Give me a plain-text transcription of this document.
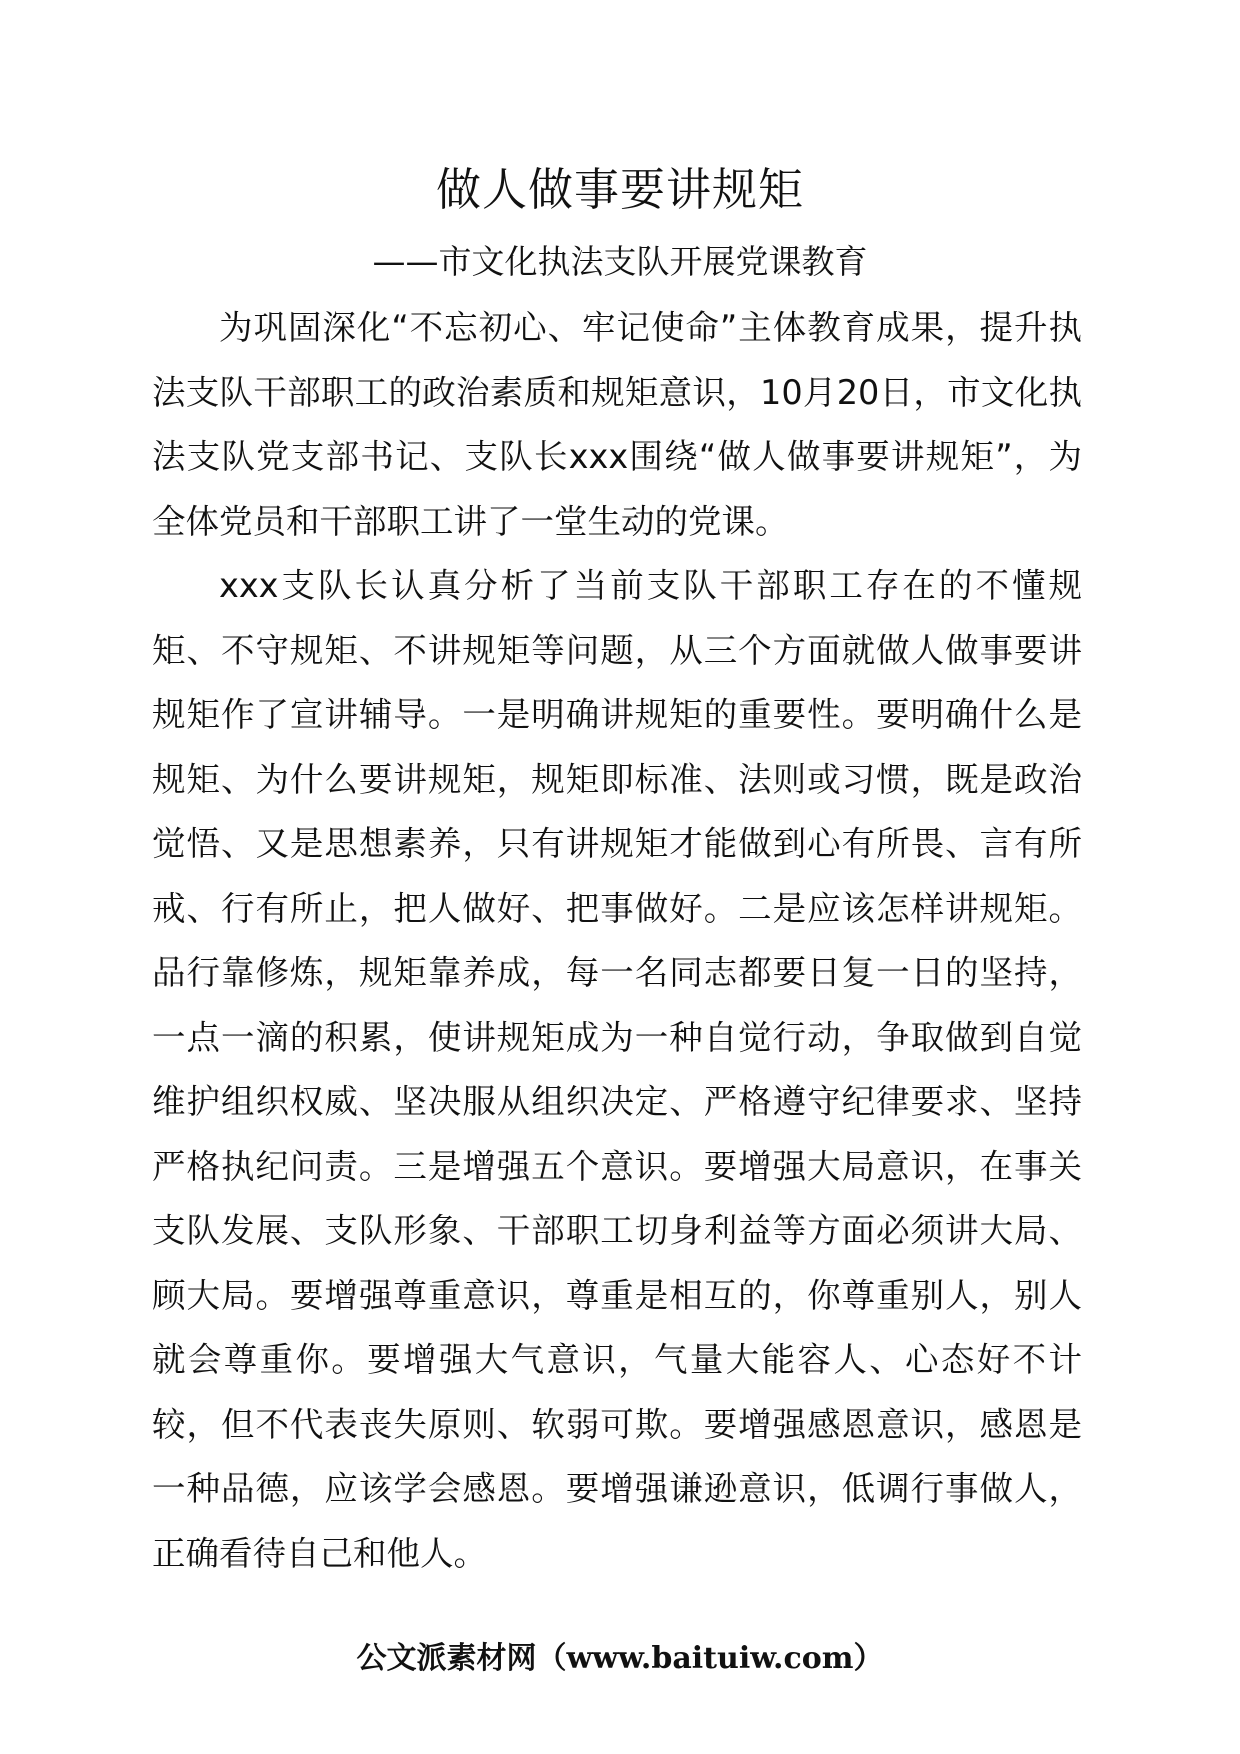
做人做事要讲规矩
——市文化执法支队开展党课教育

为巩固深化“不忘初心、牢记使命”主体教育成果，提升执法支队干部职工的政治素质和规矩意识，10月20日，市文化执法支队党支部书记、支队长xxx围绕“做人做事要讲规矩”，为全体党员和干部职工讲了一堂生动的党课。

xxx支队长认真分析了当前支队干部职工存在的不懂规矩、不守规矩、不讲规矩等问题，从三个方面就做人做事要讲规矩作了宣讲辅导。一是明确讲规矩的重要性。要明确什么是规矩、为什么要讲规矩，规矩即标准、法则或习惯，既是政治觉悟、又是思想素养，只有讲规矩才能做到心有所畏、言有所戒、行有所止，把人做好、把事做好。二是应该怎样讲规矩。品行靠修炼，规矩靠养成，每一名同志都要日复一日的坚持，一点一滴的积累，使讲规矩成为一种自觉行动，争取做到自觉维护组织权威、坚决服从组织决定、严格遵守纪律要求、坚持严格执纪问责。三是增强五个意识。要增强大局意识，在事关支队发展、支队形象、干部职工切身利益等方面必须讲大局、顾大局。要增强尊重意识，尊重是相互的，你尊重别人，别人就会尊重你。要增强大气意识，气量大能容人、心态好不计较，但不代表丧失原则、软弱可欺。要增强感恩意识，感恩是一种品德，应该学会感恩。要增强谦逊意识，低调行事做人，正确看待自己和他人。

公文派素材网（www.baituiw.com）
